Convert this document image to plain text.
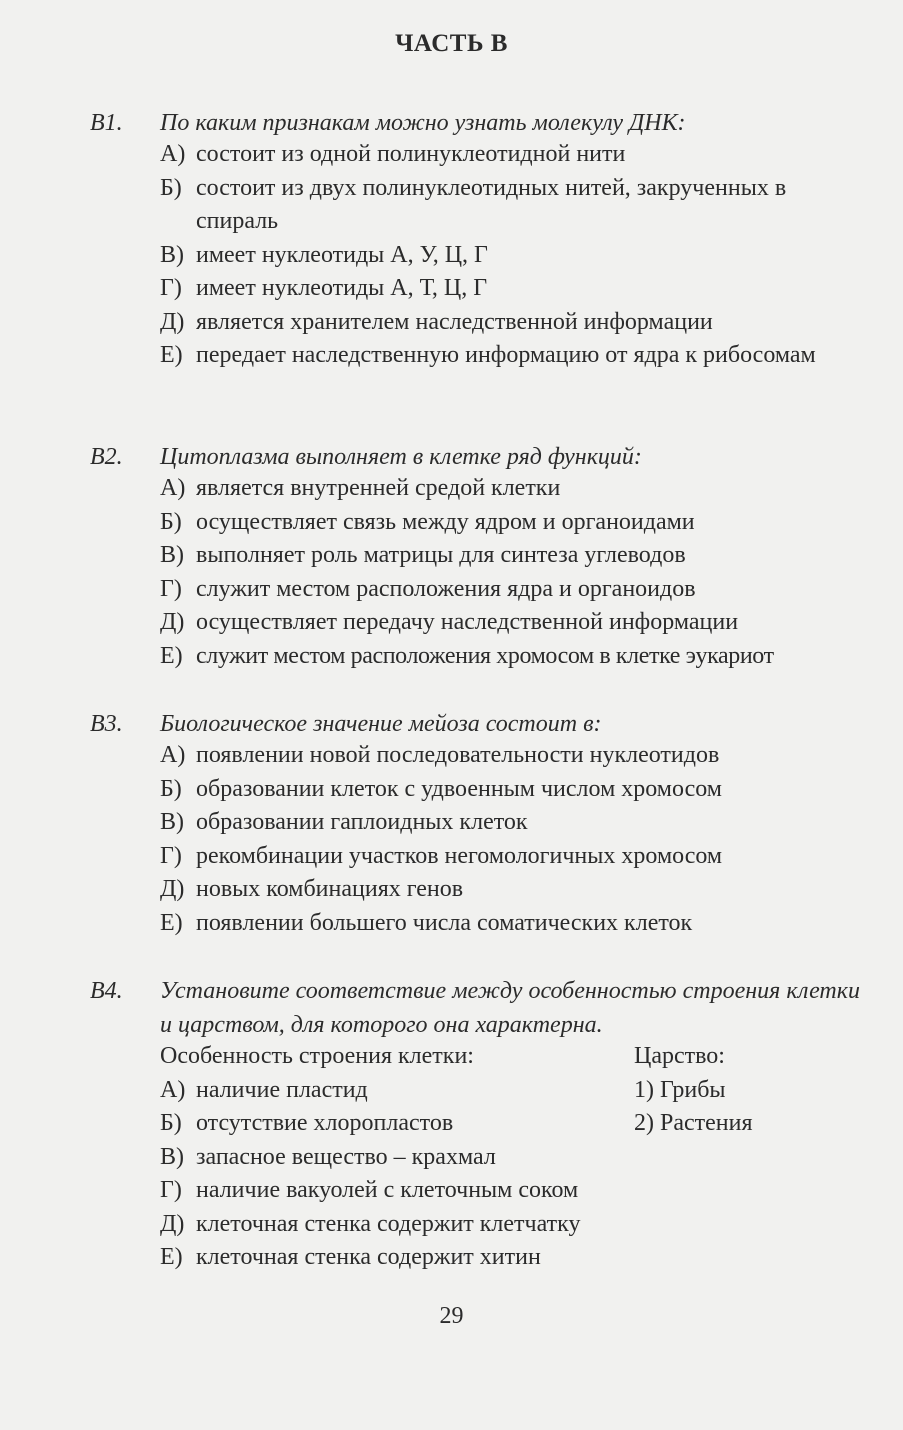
ЧАСТЬ В
В1. По каким признакам можно узнать молекулу ДНК:
А) состоит из одной полинуклеотидной нити
Б) состоит из двух полинуклеотидных нитей, закрученных в спираль
В) имеет нуклеотиды А, У, Ц, Г
Г) имеет нуклеотиды А, Т, Ц, Г
Д) является хранителем наследственной информации
Е) передает наследственную информацию от ядра к рибосомам
В2. Цитоплазма выполняет в клетке ряд функций:
А) является внутренней средой клетки
Б) осуществляет связь между ядром и органоидами
В) выполняет роль матрицы для синтеза углеводов
Г) служит местом расположения ядра и органоидов
Д) осуществляет передачу наследственной информации
Е) служит местом расположения хромосом в клетке эукариот
В3. Биологическое значение мейоза состоит в:
А) появлении новой последовательности нуклеотидов
Б) образовании клеток с удвоенным числом хромосом
В) образовании гаплоидных клеток
Г) рекомбинации участков негомологичных хромосом
Д) новых комбинациях генов
Е) появлении большего числа соматических клеток
В4. Установите соответствие между особенностью строения клетки и царством, для которого она характерна.
Особенность строения клетки:	Царство:
А) наличие пластид	1) Грибы
Б) отсутствие хлоропластов	2) Растения
В) запасное вещество – крахмал
Г) наличие вакуолей с клеточным соком
Д) клеточная стенка содержит клетчатку
Е) клеточная стенка содержит хитин
29
